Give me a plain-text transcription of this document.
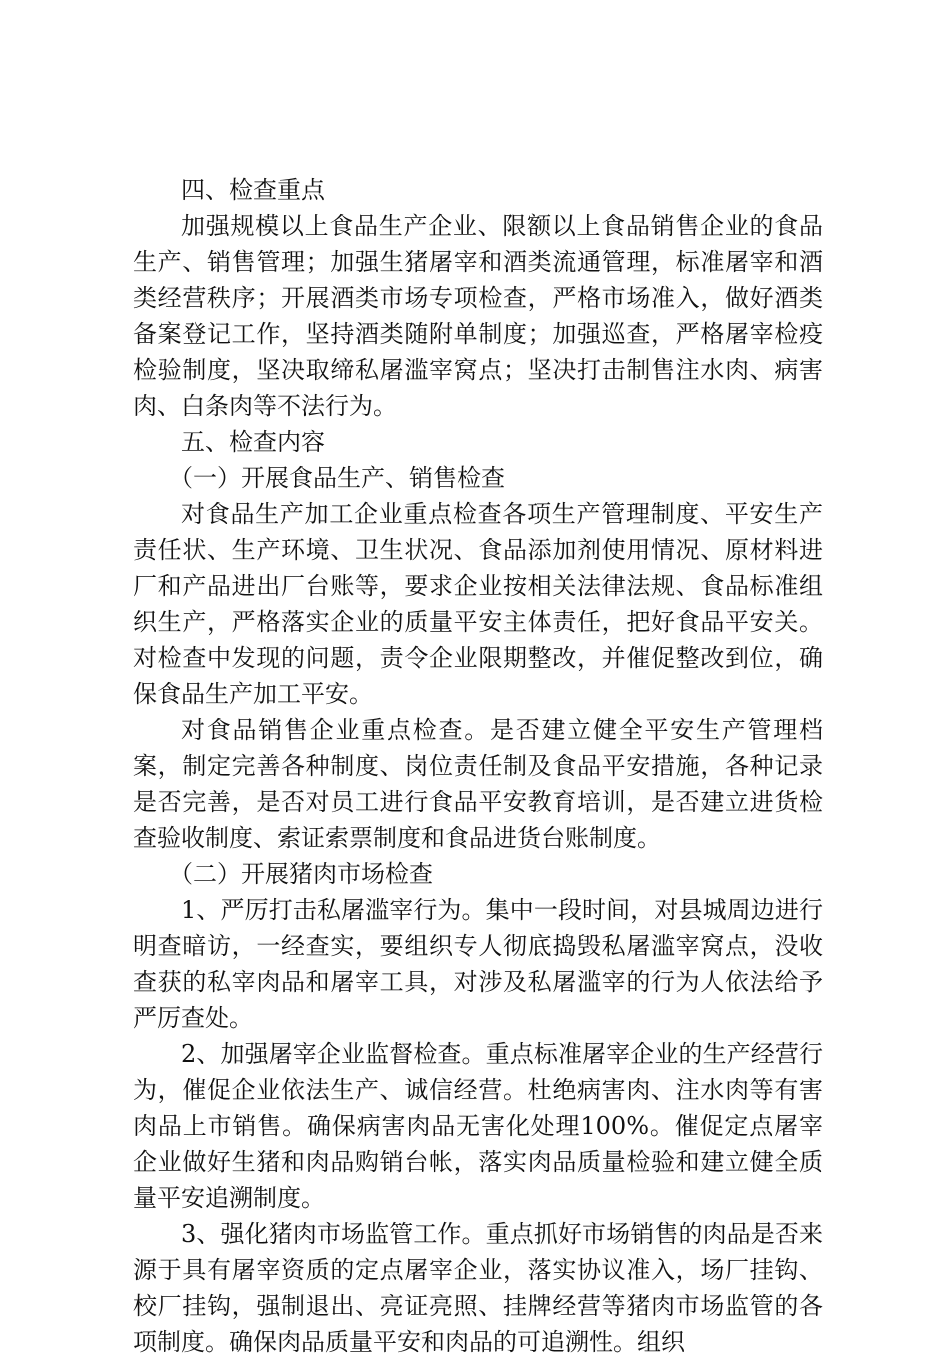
四、检查重点

加强规模以上食品生产企业、限额以上食品销售企业的食品生产、销售管理；加强生猪屠宰和酒类流通管理，标准屠宰和酒类经营秩序；开展酒类市场专项检查，严格市场准入，做好酒类备案登记工作，坚持酒类随附单制度；加强巡查，严格屠宰检疫检验制度，坚决取缔私屠滥宰窝点；坚决打击制售注水肉、病害肉、白条肉等不法行为。

五、检查内容

（一）开展食品生产、销售检查

对食品生产加工企业重点检查各项生产管理制度、平安生产责任状、生产环境、卫生状况、食品添加剂使用情况、原材料进厂和产品进出厂台账等，要求企业按相关法律法规、食品标准组织生产，严格落实企业的质量平安主体责任，把好食品平安关。对检查中发现的问题，责令企业限期整改，并催促整改到位，确保食品生产加工平安。

对食品销售企业重点检查。是否建立健全平安生产管理档案，制定完善各种制度、岗位责任制及食品平安措施，各种记录是否完善，是否对员工进行食品平安教育培训，是否建立进货检查验收制度、索证索票制度和食品进货台账制度。

（二）开展猪肉市场检查

1、严厉打击私屠滥宰行为。集中一段时间，对县城周边进行明查暗访，一经查实，要组织专人彻底捣毁私屠滥宰窝点，没收查获的私宰肉品和屠宰工具，对涉及私屠滥宰的行为人依法给予严厉查处。

2、加强屠宰企业监督检查。重点标准屠宰企业的生产经营行为，催促企业依法生产、诚信经营。杜绝病害肉、注水肉等有害肉品上市销售。确保病害肉品无害化处理100%。催促定点屠宰企业做好生猪和肉品购销台帐，落实肉品质量检验和建立健全质量平安追溯制度。

3、强化猪肉市场监管工作。重点抓好市场销售的肉品是否来源于具有屠宰资质的定点屠宰企业，落实协议准入，场厂挂钩、校厂挂钩，强制退出、亮证亮照、挂牌经营等猪肉市场监管的各项制度。确保肉品质量平安和肉品的可追溯性。组织
